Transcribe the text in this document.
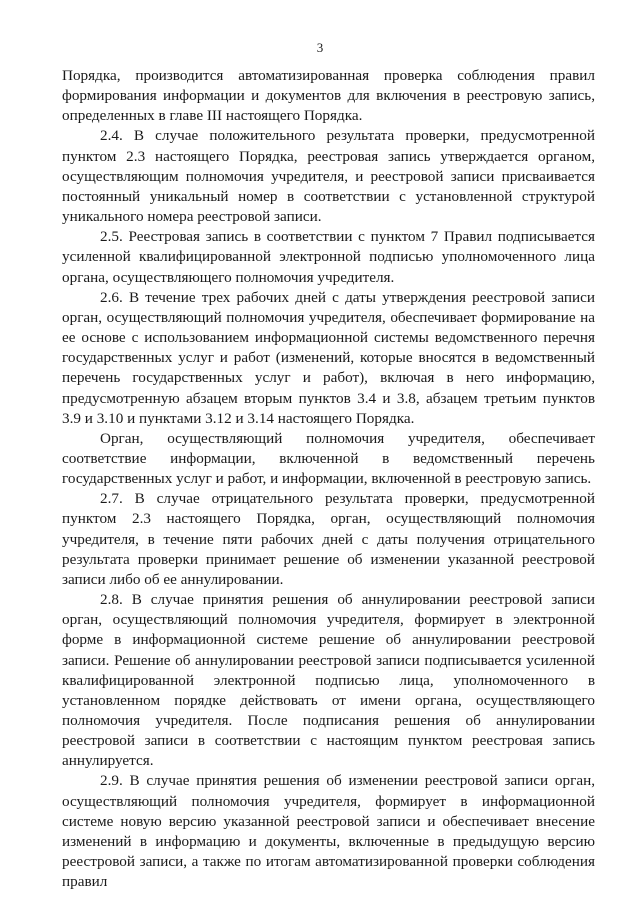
3

Порядка, производится автоматизированная проверка соблюдения правил формирования информации и документов для включения в реестровую запись, определенных в главе III настоящего Порядка.

2.4. В случае положительного результата проверки, предусмотренной пунктом 2.3 настоящего Порядка, реестровая запись утверждается органом, осуществляющим полномочия учредителя, и реестровой записи присваивается постоянный уникальный номер в соответствии с установленной структурой уникального номера реестровой записи.

2.5. Реестровая запись в соответствии с пунктом 7 Правил подписывается усиленной квалифицированной электронной подписью уполномоченного лица органа, осуществляющего полномочия учредителя.

2.6. В течение трех рабочих дней с даты утверждения реестровой записи орган, осуществляющий полномочия учредителя, обеспечивает формирование на ее основе с использованием информационной системы ведомственного перечня государственных услуг и работ (изменений, которые вносятся в ведомственный перечень государственных услуг и работ), включая в него информацию, предусмотренную абзацем вторым пунктов 3.4 и 3.8, абзацем третьим пунктов 3.9 и 3.10 и пунктами 3.12 и 3.14 настоящего Порядка.

Орган, осуществляющий полномочия учредителя, обеспечивает соответствие информации, включенной в ведомственный перечень государственных услуг и работ, и информации, включенной в реестровую запись.

2.7. В случае отрицательного результата проверки, предусмотренной пунктом 2.3 настоящего Порядка, орган, осуществляющий полномочия учредителя, в течение пяти рабочих дней с даты получения отрицательного результата проверки принимает решение об изменении указанной реестровой записи либо об ее аннулировании.

2.8. В случае принятия решения об аннулировании реестровой записи орган, осуществляющий полномочия учредителя, формирует в электронной форме в информационной системе решение об аннулировании реестровой записи. Решение об аннулировании реестровой записи подписывается усиленной квалифицированной электронной подписью лица, уполномоченного в установленном порядке действовать от имени органа, осуществляющего полномочия учредителя. После подписания решения об аннулировании реестровой записи в соответствии с настоящим пунктом реестровая запись аннулируется.

2.9. В случае принятия решения об изменении реестровой записи орган, осуществляющий полномочия учредителя, формирует в информационной системе новую версию указанной реестровой записи и обеспечивает внесение изменений в информацию и документы, включенные в предыдущую версию реестровой записи, а также по итогам автоматизированной проверки соблюдения правил
